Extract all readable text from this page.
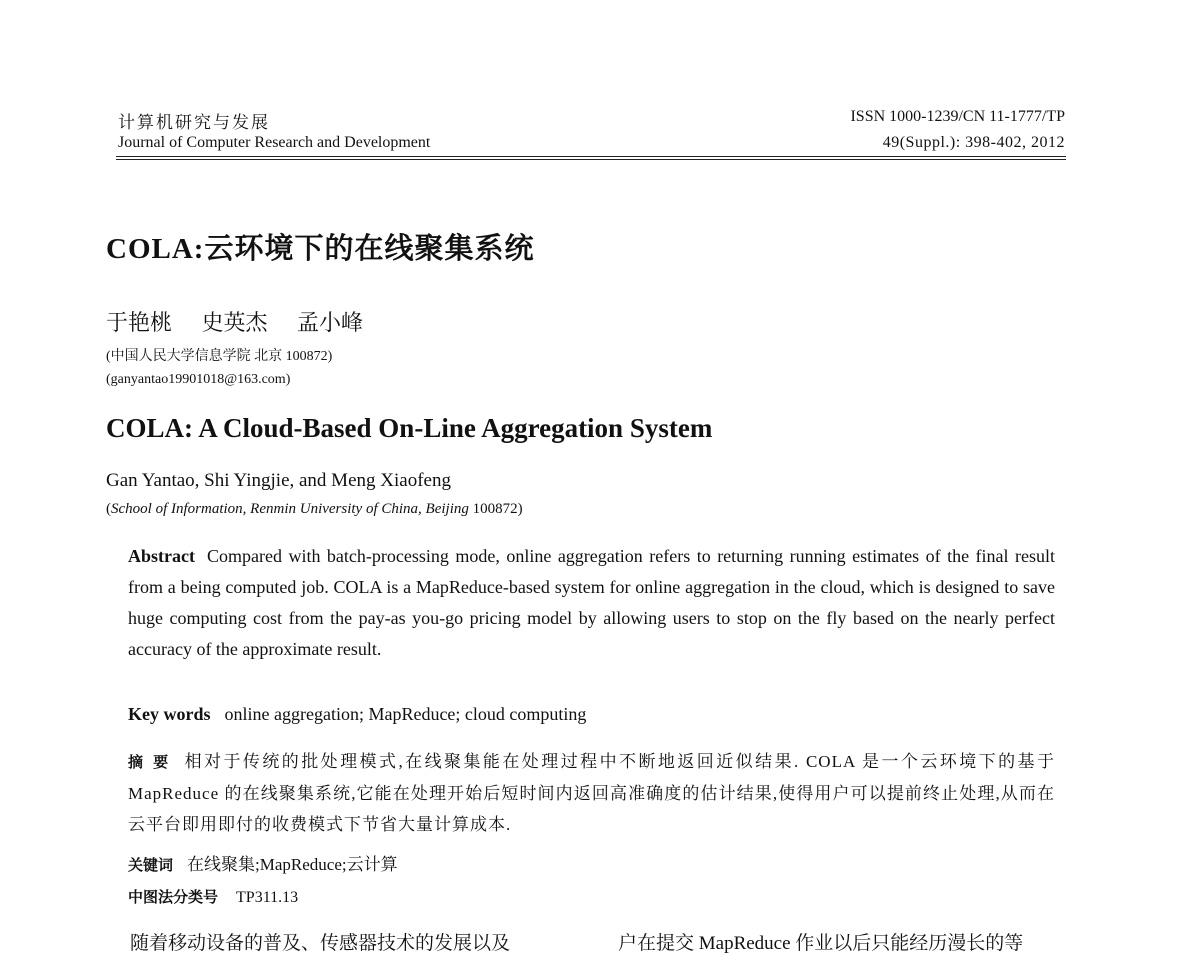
计算机研究与发展
Journal of Computer Research and Development
ISSN 1000-1239/CN 11-1777/TP
49(Suppl.): 398-402, 2012
COLA:云环境下的在线聚集系统
于艳桃 史英杰 孟小峰
(中国人民大学信息学院 北京 100872)
(ganyantao19901018@163.com)
COLA: A Cloud-Based On-Line Aggregation System
Gan Yantao, Shi Yingjie, and Meng Xiaofeng
(School of Information, Renmin University of China, Beijing 100872)
Abstract Compared with batch-processing mode, online aggregation refers to returning running estimates of the final result from a being computed job. COLA is a MapReduce-based system for online aggregation in the cloud, which is designed to save huge computing cost from the pay-as you-go pricing model by allowing users to stop on the fly based on the nearly perfect accuracy of the approximate result.
Key words online aggregation; MapReduce; cloud computing
摘 要 相对于传统的批处理模式,在线聚集能在处理过程中不断地返回近似结果. COLA 是一个云环境下的基于 MapReduce 的在线聚集系统,它能在处理开始后短时间内返回高准确度的估计结果,使得用户可以提前终止处理,从而在云平台即用即付的收费模式下节省大量计算成本.
关键词 在线聚集;MapReduce;云计算
中图法分类号 TP311.13
随着移动设备的普及、传感器技术的发展以及	户在提交 MapReduce 作业以后只能经历漫长的等
